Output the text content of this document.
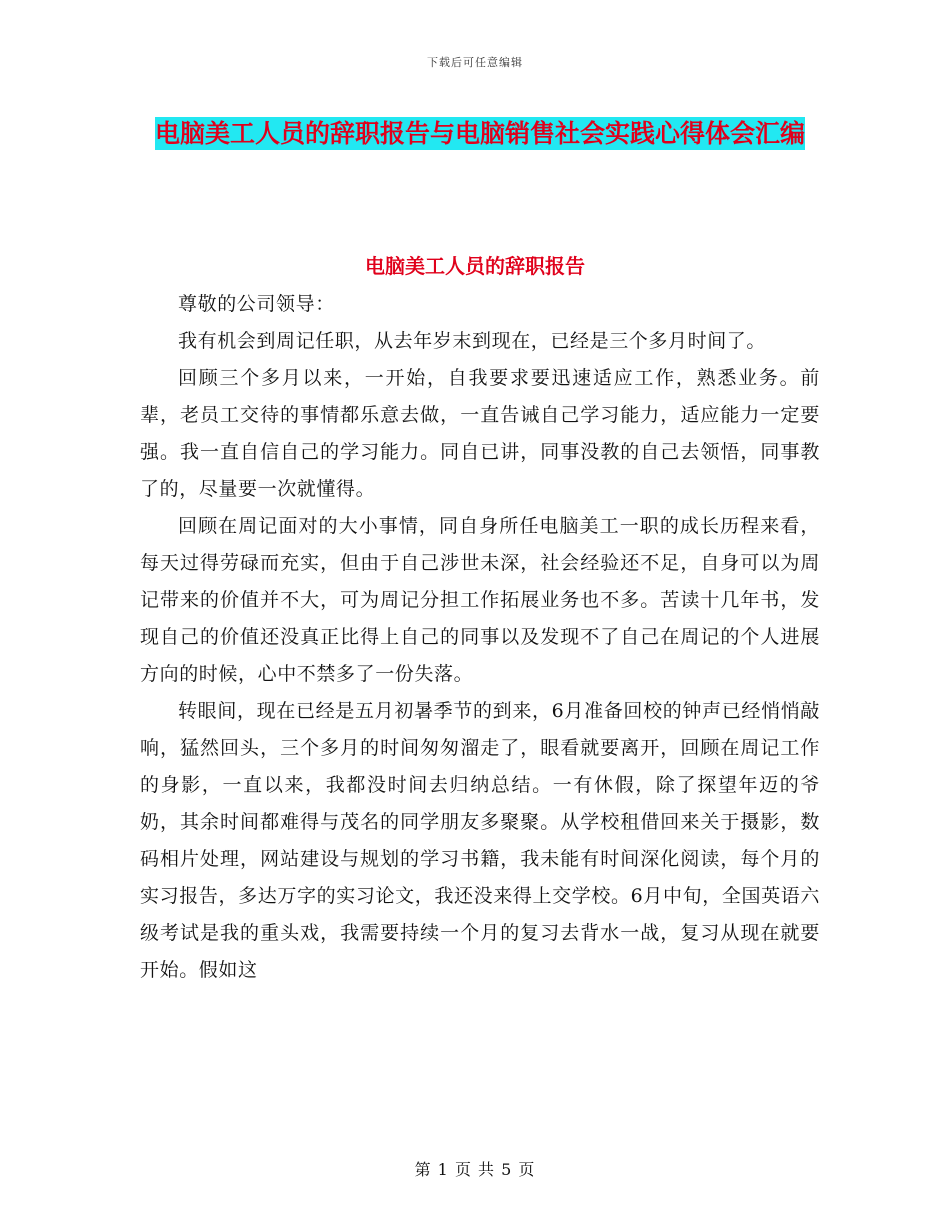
下载后可任意编辑
电脑美工人员的辞职报告与电脑销售社会实践心得体会汇编
电脑美工人员的辞职报告

尊敬的公司领导：

我有机会到周记任职，从去年岁末到现在，已经是三个多月时间了。

回顾三个多月以来，一开始，自我要求要迅速适应工作，熟悉业务。前辈，老员工交待的事情都乐意去做，一直告诫自己学习能力，适应能力一定要强。我一直自信自己的学习能力。同自已讲，同事没教的自己去领悟，同事教了的，尽量要一次就懂得。

回顾在周记面对的大小事情，同自身所任电脑美工一职的成长历程来看，每天过得劳碌而充实，但由于自己涉世未深，社会经验还不足，自身可以为周记带来的价值并不大，可为周记分担工作拓展业务也不多。苦读十几年书，发现自己的价值还没真正比得上自己的同事以及发现不了自己在周记的个人进展方向的时候，心中不禁多了一份失落。

转眼间，现在已经是五月初暑季节的到来，6月准备回校的钟声已经悄悄敲响，猛然回头，三个多月的时间匆匆溜走了，眼看就要离开，回顾在周记工作的身影，一直以来，我都没时间去归纳总结。一有休假，除了探望年迈的爷奶，其余时间都难得与茂名的同学朋友多聚聚。从学校租借回来关于摄影，数码相片处理，网站建设与规划的学习书籍，我未能有时间深化阅读，每个月的实习报告，多达万字的实习论文，我还没来得上交学校。6月中旬，全国英语六级考试是我的重头戏，我需要持续一个月的复习去背水一战，复习从现在就要开始。假如这

第 1 页 共 5 页
